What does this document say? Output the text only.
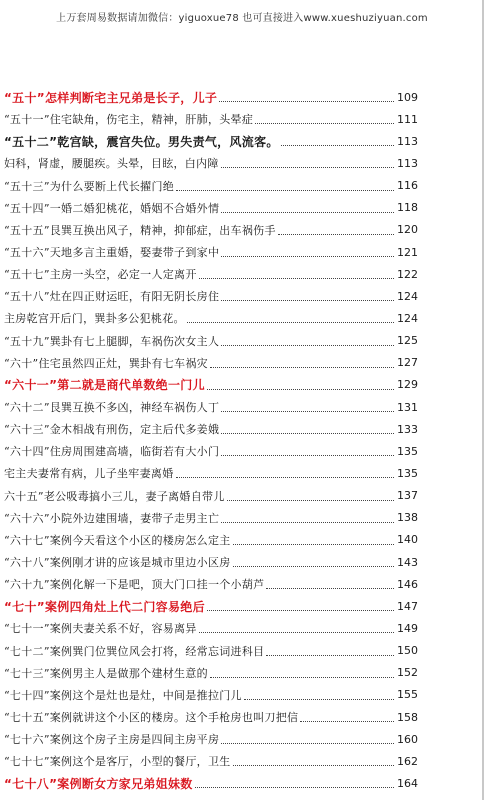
上万套周易数据请加微信：yiguoxue78 也可直接进入www.xueshuziyuan.com
“五十”怎样判断宅主兄弟是长子，儿子	109
“五十一”住宅缺角，伤宅主，精神，肝肺，头晕症	111
“五十二”乾宫缺，震宫失位。男失责气，风流客。	113
妇科，肾虚，腰腿疾。头晕，目眩，白内障	113
“五十三”为什么要断上代长擢门绝	116
“五十四”一婚二婚犯桃花，婚姻不合婚外情	118
“五十五”艮巽互换出风子，精神，抑郁症，出车祸伤手	120
“五十六”天地多言主重婚，娶妻带子到家中	121
“五十七”主房一头空，必定一人定离开	122
“五十八”灶在四正财运旺，有阳无阴长房住	124
主房乾宫开后门，巽卦多公犯桃花。	124
“五十九”巽卦有七上腿脚，车祸伤次女主人	125
“六十”住宅虽然四正灶，巽卦有七车祸灾	127
“六十一”第二就是商代单数绝一门儿	129
“六十二”艮巽互换不多凶，神经车祸伤人丁	131
“六十三”金木相战有刑伤，定主后代多姜娥	133
“六十四”住房周围建高墙，临街若有大小门	135
宅主夫妻常有病，儿子坐牢妻离婚	135
六十五”老公吸毒搞小三儿，妻子离婚自带儿	137
“六十六”小院外边建围墙，妻带子走男主亡	138
“六十七”案例今天看这个小区的楼房怎么定主	140
“六十八”案例刚才讲的应该是城市里边小区房	143
“六十九”案例化解一下是吧，顶大门口挂一个小葫芦	146
“七十”案例四角灶上代二门容易绝后	147
“七十一”案例夫妻关系不好，容易离异	149
“七十二”案例巽门位巽位风会打将，经常忘词进科目	150
“七十三”案例男主人是做那个建材生意的	152
“七十四”案例这个是灶也是灶，中间是推拉门儿	155
“七十五”案例就讲这个小区的楼房。这个手枪房也叫刀把信	158
“七十六”案例这个房子主房是四间主房平房	160
“七十七”案例这个是客厅，小型的餐厅，卫生	162
“七十八”案例断女方家兄弟姐妹数	164
